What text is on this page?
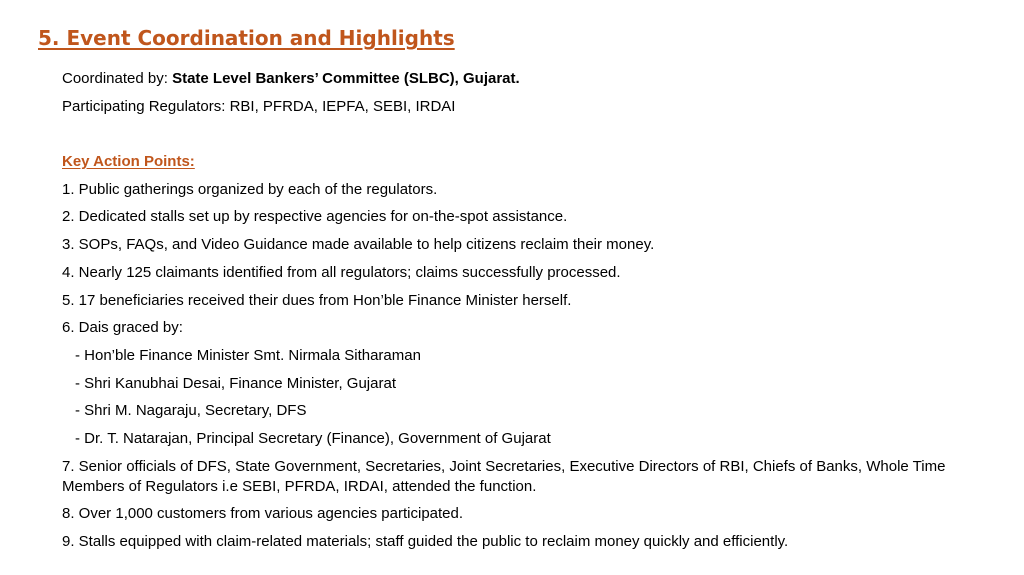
5. Event Coordination and Highlights

Coordinated by: State Level Bankers’ Committee (SLBC), Gujarat.

Participating Regulators: RBI, PFRDA, IEPFA, SEBI, IRDAI

Key Action Points:

1. Public gatherings organized by each of the regulators.

2. Dedicated stalls set up by respective agencies for on-the-spot assistance.

3. SOPs, FAQs, and Video Guidance made available to help citizens reclaim their money.

4. Nearly 125 claimants identified from all regulators; claims successfully processed.

5. 17 beneficiaries received their dues from Hon’ble Finance Minister herself.

6. Dais graced by:

- Hon’ble Finance Minister Smt. Nirmala Sitharaman

- Shri Kanubhai Desai, Finance Minister, Gujarat

- Shri M. Nagaraju, Secretary, DFS

- Dr. T. Natarajan, Principal Secretary (Finance), Government of Gujarat

7. Senior officials of DFS, State Government, Secretaries, Joint Secretaries, Executive Directors of RBI, Chiefs of Banks, Whole Time Members of Regulators i.e SEBI, PFRDA, IRDAI, attended the function.

8. Over 1,000 customers from various agencies participated.

9. Stalls equipped with claim-related materials; staff guided the public to reclaim money quickly and efficiently.
